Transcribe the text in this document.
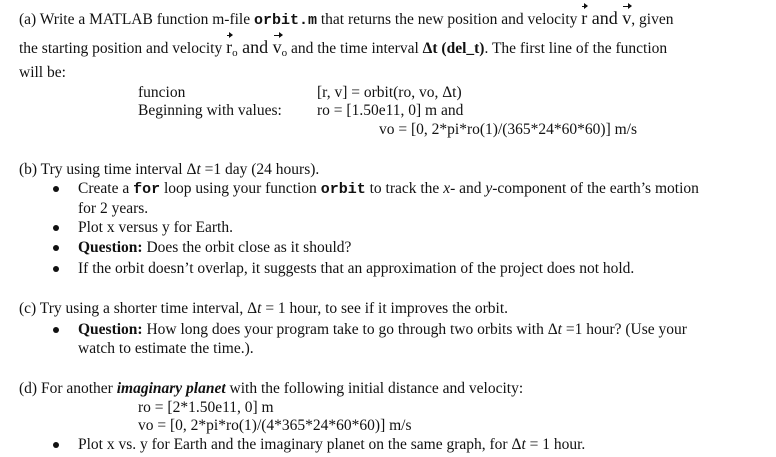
(a) Write a MATLAB function m-file orbit.m that returns the new position and velocity r and v, given
the starting position and velocity $r_o$ and $v_o$ and the time interval Δt (del_t). The first line of the function
will be:
funcion	[r, v] = orbit(ro, vo, Δt)
Beginning with values: ro = [1.50e11, 0] m and
vo = [0, 2*pi*ro(1)/(365*24*60*60)] m/s
(b) Try using time interval Δt =1 day (24 hours).
Create a for loop using your function orbit to track the x- and y-component of the earth’s motion
for 2 years.
Plot x versus y for Earth.
Question: Does the orbit close as it should?
If the orbit doesn’t overlap, it suggests that an approximation of the project does not hold.
(c) Try using a shorter time interval, Δt = 1 hour, to see if it improves the orbit.
Question: How long does your program take to go through two orbits with Δt =1 hour? (Use your
watch to estimate the time.).
(d) For another imaginary planet with the following initial distance and velocity:
ro = [2*1.50e11, 0] m
vo = [0, 2*pi*ro(1)/(4*365*24*60*60)] m/s
Plot x vs. y for Earth and the imaginary planet on the same graph, for Δt = 1 hour.
